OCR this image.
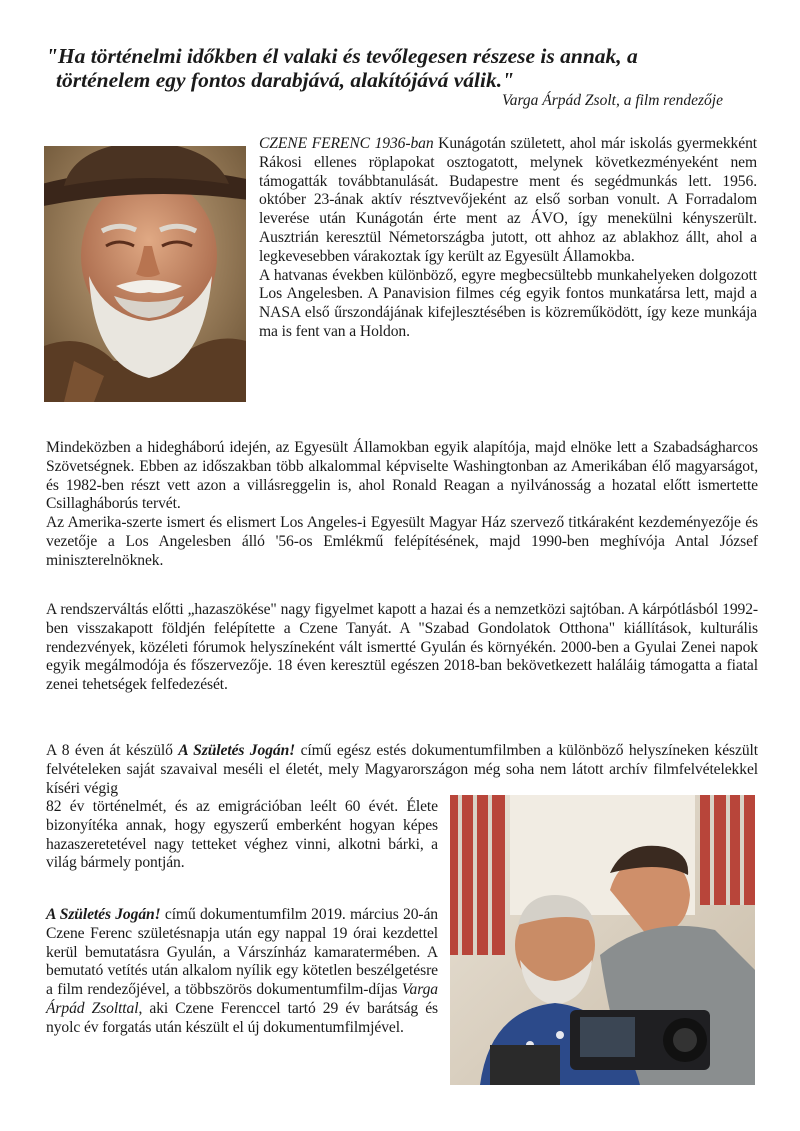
"Ha történelmi időkben él valaki és tevőlegesen részese is annak, a
történelem egy fontos darabjává, alakítójává válik."

Varga Árpád Zsolt, a film rendezője

CZENE FERENC 1936-ban Kunágotán született, ahol már iskolás gyermekként Rákosi ellenes röplapokat osztogatott, melynek következményeként nem támogatták továbbtanulását. Budapestre ment és segédmunkás lett. 1956. október 23-ának aktív résztvevőjeként az első sorban vonult. A Forradalom leverése után Kunágotán érte ment az ÁVO, így menekülni kényszerült. Ausztrián keresztül Németországba jutott, ott ahhoz az ablakhoz állt, ahol a legkevesebben várakoztak így került az Egyesült Államokba.

A hatvanas években különböző, egyre megbecsültebb munkahelyeken dolgozott Los Angelesben. A Panavision filmes cég egyik fontos munkatársa lett, majd a NASA első űrszondájának kifejlesztésében is közreműködött, így keze munkája ma is fent van a Holdon.

Mindeközben a hidegháború idején, az Egyesült Államokban egyik alapítója, majd elnöke lett a Szabadságharcos Szövetségnek. Ebben az időszakban több alkalommal képviselte Washingtonban az Amerikában élő magyarságot, és 1982-ben részt vett azon a villásreggelin is, ahol Ronald Reagan a nyilvánosság a hozatal előtt ismertette Csillagháborús tervét.

Az Amerika-szerte ismert és elismert Los Angeles-i Egyesült Magyar Ház szervező titkáraként kezdeményezője és vezetője a Los Angelesben álló '56-os Emlékmű felépítésének, majd 1990-ben meghívója Antal József miniszterelnöknek.

A rendszerváltás előtti „hazaszökése" nagy figyelmet kapott a hazai és a nemzetközi sajtóban. A kárpótlásból 1992-ben visszakapott földjén felépítette a Czene Tanyát. A "Szabad Gondolatok Otthona" kiállítások, kulturális rendezvények, közéleti fórumok helyszíneként vált ismertté Gyulán és környékén. 2000-ben a Gyulai Zenei napok egyik megálmodója és főszervezője. 18 éven keresztül egészen 2018-ban bekövetkezett haláláig támogatta a fiatal zenei tehetségek felfedezését.

A 8 éven át készülő A Születés Jogán! című egész estés dokumentumfilmben a különböző helyszíneken készült felvételeken saját szavaival meséli el életét, mely Magyarországon még soha nem látott archív filmfelvételekkel kíséri végig

82 év történelmét, és az emigrációban leélt 60 évét. Élete bizonyítéka annak, hogy egyszerű emberként hogyan képes hazaszeretetével nagy tetteket véghez vinni, alkotni bárki, a világ bármely pontján.

A Születés Jogán! című dokumentumfilm 2019. március 20-án Czene Ferenc születésnapja után egy nappal 19 órai kezdettel kerül bemutatásra Gyulán, a Várszínház kamaratermében. A bemutató vetítés után alkalom nyílik egy kötetlen beszélgetésre a film rendezőjével, a többszörös dokumentumfilm-díjas Varga Árpád Zsolttal, aki Czene Ferenccel tartó 29 év barátság és nyolc év forgatás után készült el új dokumentumfilmjével.
